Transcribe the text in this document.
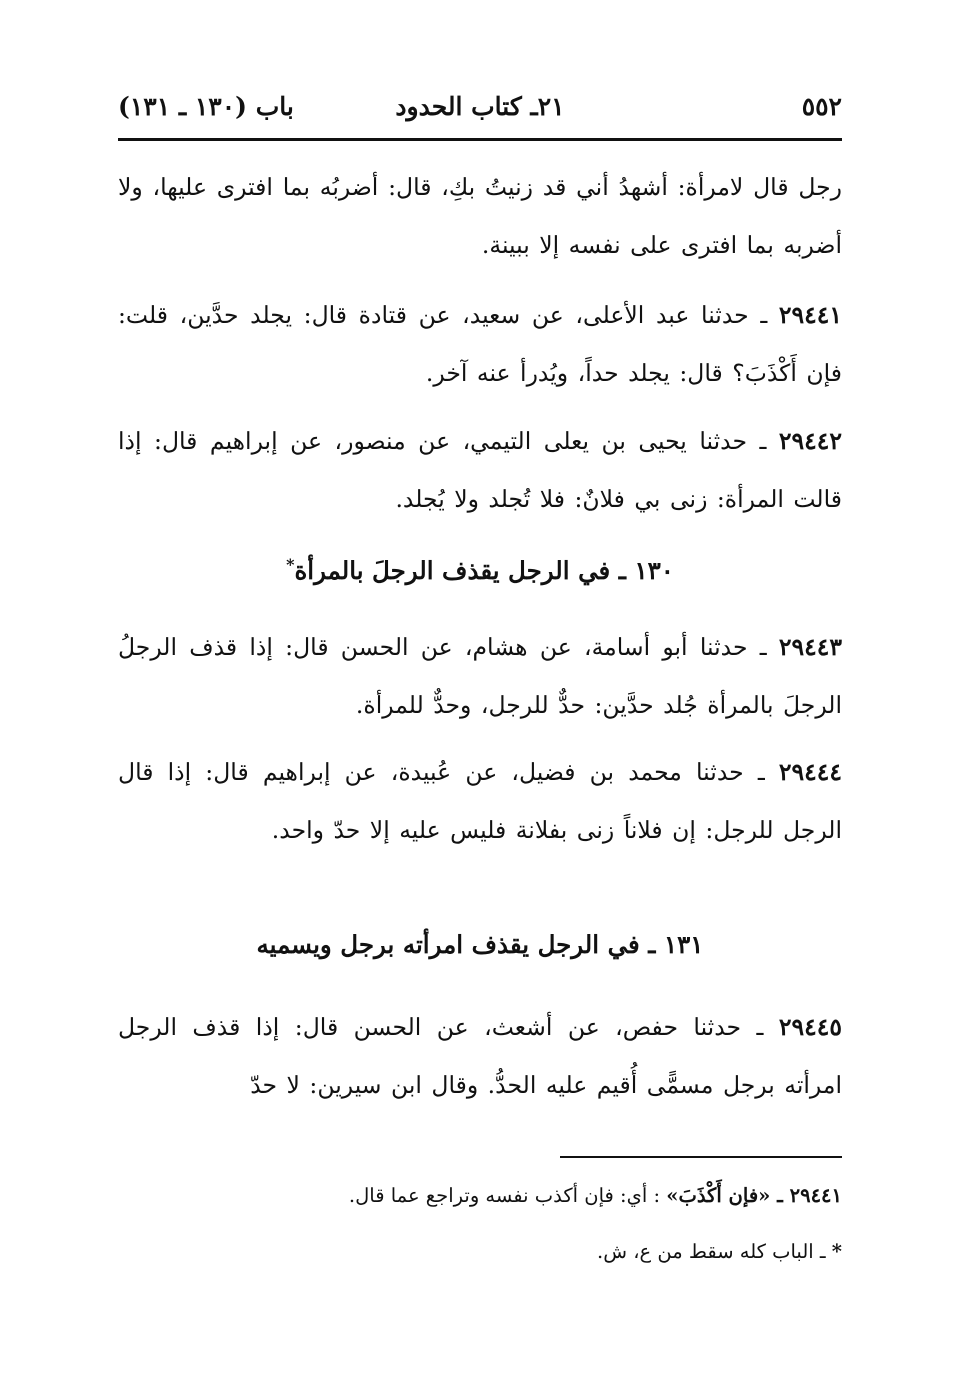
٥٥٢
٢١ـ كتاب الحدود
باب (١٣٠ ـ ١٣١)
رجل قال لامرأة: أشهدُ أني قد زنيتُ بكِ، قال: أضربُه بما افترى عليها، ولا أضربه بما افترى على نفسه إلا ببينة.
٢٩٤٤١ ـ حدثنا عبد الأعلى، عن سعيد، عن قتادة قال: يجلد حدَّين، قلت: فإن أَكْذَبَ؟ قال: يجلد حداً، ويُدرأ عنه آخر.
٢٩٤٤٢ ـ حدثنا يحيى بن يعلى التيمي، عن منصور، عن إبراهيم قال: إذا قالت المرأة: زنى بي فلانٌ: فلا تُجلد ولا يُجلد.
١٣٠ ـ في الرجل يقذف الرجلَ بالمرأة*
٢٩٤٤٣ ـ حدثنا أبو أسامة، عن هشام، عن الحسن قال: إذا قذف الرجلُ الرجلَ بالمرأة جُلد حدَّين: حدٌّ للرجل، وحدٌّ للمرأة.
٢٩٤٤٤ ـ حدثنا محمد بن فضيل، عن عُبيدة، عن إبراهيم قال: إذا قال الرجل للرجل: إن فلاناً زنى بفلانة فليس عليه إلا حدّ واحد.
١٣١ ـ في الرجل يقذف امرأته برجل ويسميه
٢٩٤٤٥ ـ حدثنا حفص، عن أشعث، عن الحسن قال: إذا قذف الرجل امرأته برجل مسمًّى أُقيم عليه الحدُّ. وقال ابن سيرين: لا حدّ
٢٩٤٤١ ـ «فإن أَكْذَبَ» : أي: فإن أكذب نفسه وتراجع عما قال.
* ـ الباب كله سقط من ع، ش.
